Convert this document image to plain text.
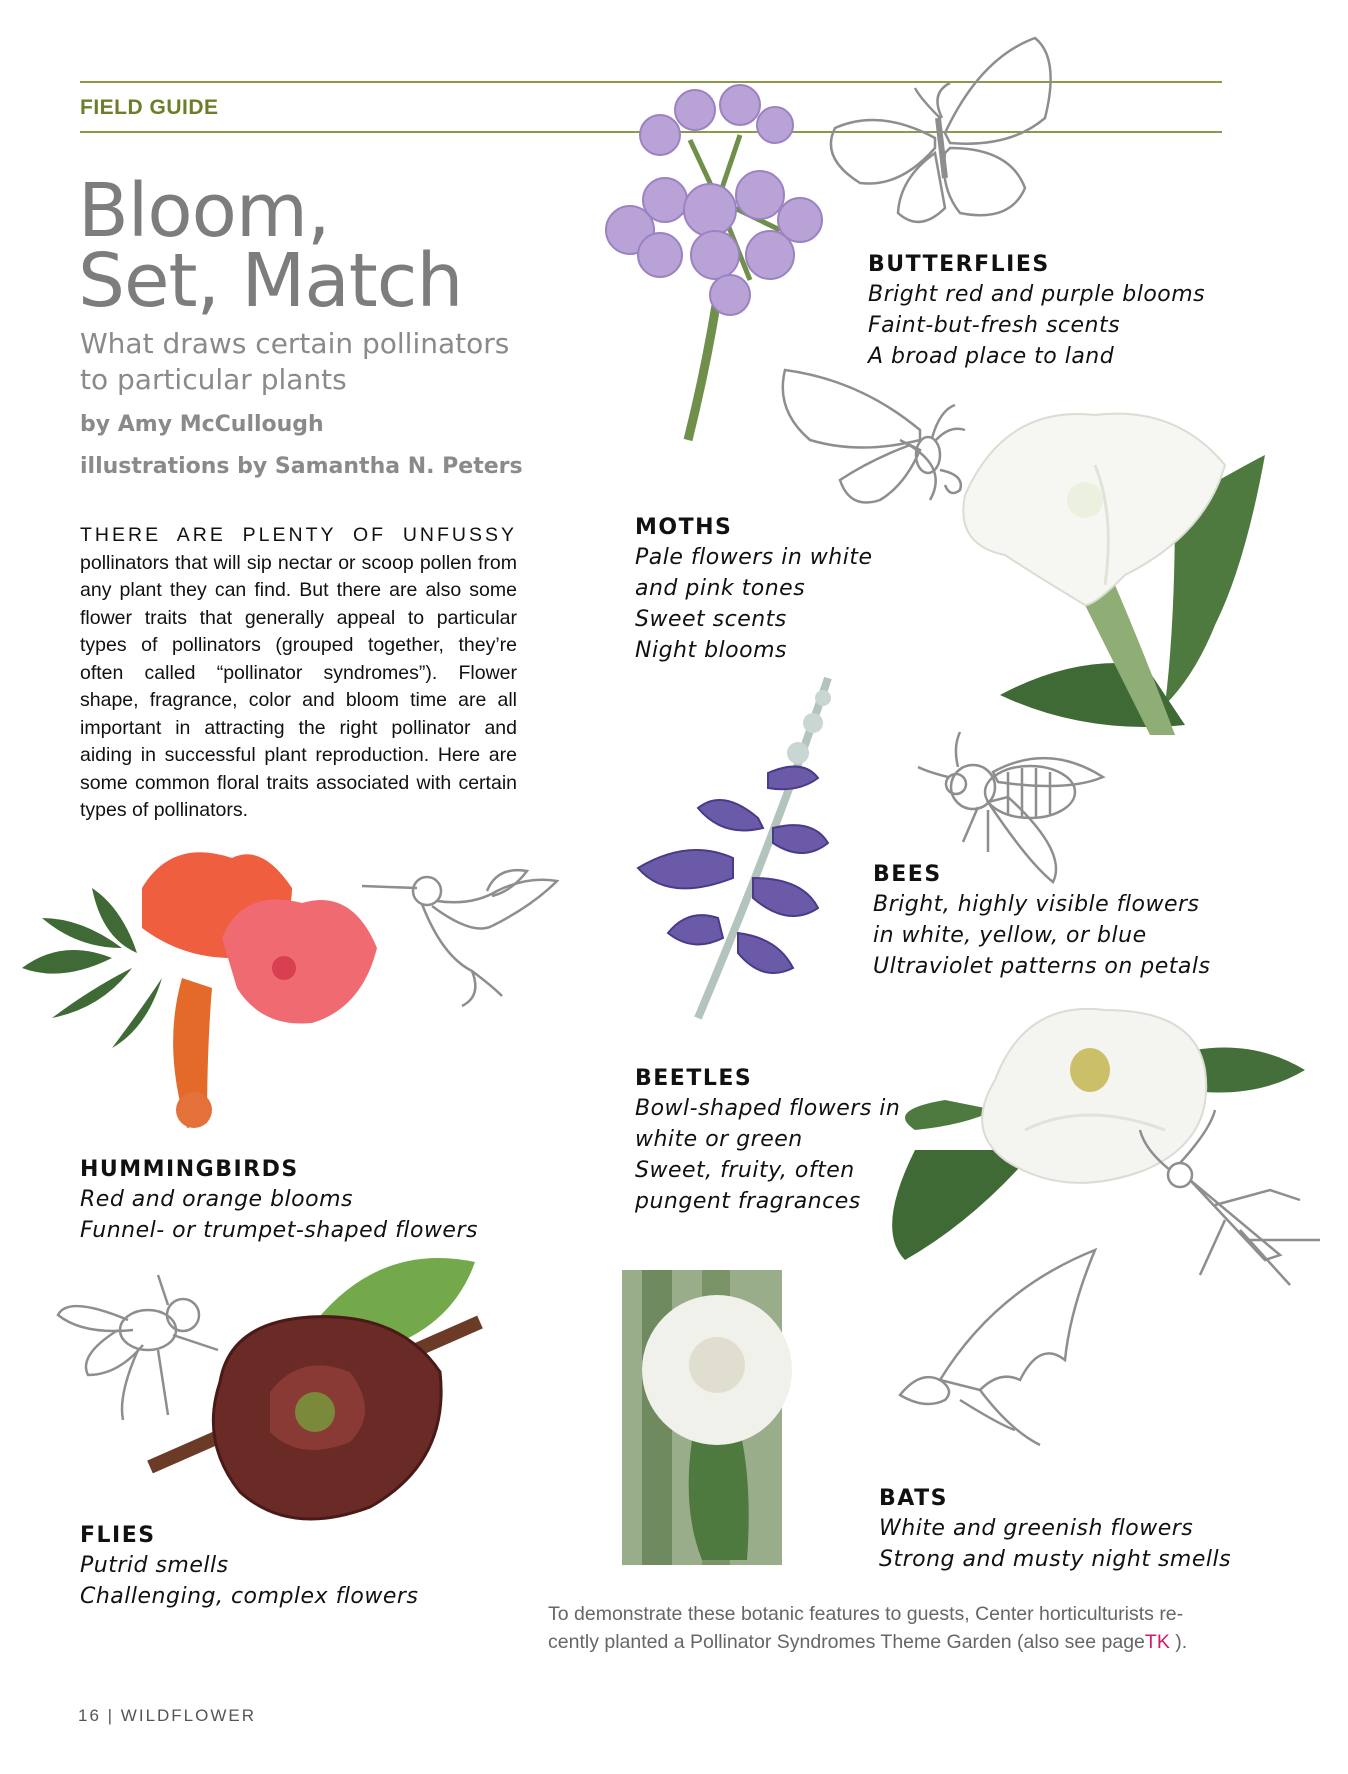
FIELD GUIDE
Bloom,
Set, Match
What draws certain pollinators to particular plants
by Amy McCullough
illustrations by Samantha N. Peters
THERE ARE PLENTY OF UNFUSSY pollinators that will sip nectar or scoop pollen from any plant they can find. But there are also some flower traits that generally appeal to particular types of pollinators (grouped together, they’re often called “pollinator syndromes”). Flower shape, fragrance, color and bloom time are all important in attracting the right pollinator and aiding in successful plant reproduction. Here are some common floral traits associated with certain types of pollinators.
BUTTERFLIES
Bright red and purple blooms
Faint-but-fresh scents
A broad place to land
MOTHS
Pale flowers in white
and pink tones
Sweet scents
Night blooms
BEES
Bright, highly visible flowers
in white, yellow, or blue
Ultraviolet patterns on petals
BEETLES
Bowl-shaped flowers in
white or green
Sweet, fruity, often
pungent fragrances
HUMMINGBIRDS
Red and orange blooms
Funnel- or trumpet-shaped flowers
FLIES
Putrid smells
Challenging, complex flowers
BATS
White and greenish flowers
Strong and musty night smells
To demonstrate these botanic features to guests, Center horticulturists re-
cently planted a Pollinator Syndromes Theme Garden (also see pageTK ).
16 | WILDFLOWER
